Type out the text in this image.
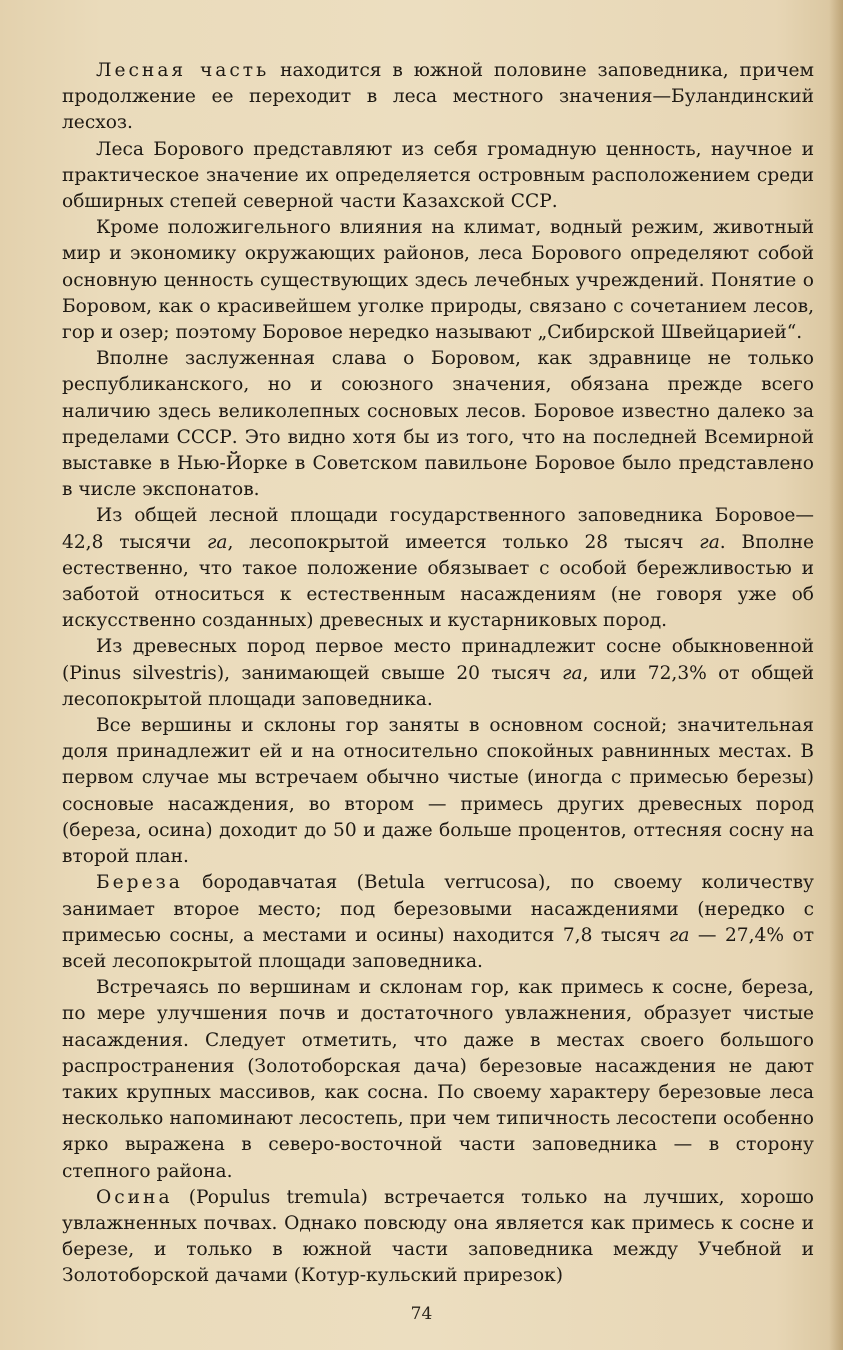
Лесная часть находится в южной половине заповедника, причем продолжение ее переходит в леса местного значения—Буландинский лесхоз.

Леса Борового представляют из себя громадную ценность, научное и практическое значение их определяется островным расположением среди обширных степей северной части Казахской ССР.

Кроме положигельного влияния на климат, водный режим, животный мир и экономику окружающих районов, леса Борового определяют собой основную ценность существующих здесь лечебных учреждений. Понятие о Боровом, как о красивейшем уголке природы, связано с сочетанием лесов, гор и озер; поэтому Боровое нередко называют „Сибирской Швейцарией“.

Вполне заслуженная слава о Боровом, как здравнице не только республиканского, но и союзного значения, обязана прежде всего наличию здесь великолепных сосновых лесов. Боровое известно далеко за пределами СССР. Это видно хотя бы из того, что на последней Всемирной выставке в Нью-Йорке в Советском павильоне Боровое было представлено в числе экспонатов.

Из общей лесной площади государственного заповедника Боровое—42,8 тысячи га, лесопокрытой имеется только 28 тысяч га. Вполне естественно, что такое положение обязывает с особой бережливостью и заботой относиться к естественным насаждениям (не говоря уже об искусственно созданных) древесных и кустарниковых пород.

Из древесных пород первое место принадлежит сосне обыкновенной (Pinus silvestris), занимающей свыше 20 тысяч га, или 72,3% от общей лесопокрытой площади заповедника.

Все вершины и склоны гор заняты в основном сосной; значительная доля принадлежит ей и на относительно спокойных равнинных местах. В первом случае мы встречаем обычно чистые (иногда с примесью березы) сосновые насаждения, во втором — примесь других древесных пород (береза, осина) доходит до 50 и даже больше процентов, оттесняя сосну на второй план.

Береза бородавчатая (Betula verrucosa), по своему количеству занимает второе место; под березовыми насаждениями (нередко с примесью сосны, а местами и осины) находится 7,8 тысяч га — 27,4% от всей лесопокрытой площади заповедника.

Встречаясь по вершинам и склонам гор, как примесь к сосне, береза, по мере улучшения почв и достаточного увлажнения, образует чистые насаждения. Следует отметить, что даже в местах своего большого распространения (Золотоборская дача) березовые насаждения не дают таких крупных массивов, как сосна. По своему характеру березовые леса несколько напоминают лесостепь, при чем типичность лесостепи особенно ярко выражена в северо-восточной части заповедника — в сторону степного района.

Осина (Populus tremula) встречается только на лучших, хорошо увлажненных почвах. Однако повсюду она является как примесь к сосне и березе, и только в южной части заповедника между Учебной и Золотоборской дачами (Котур-кульский прирезок)

74
